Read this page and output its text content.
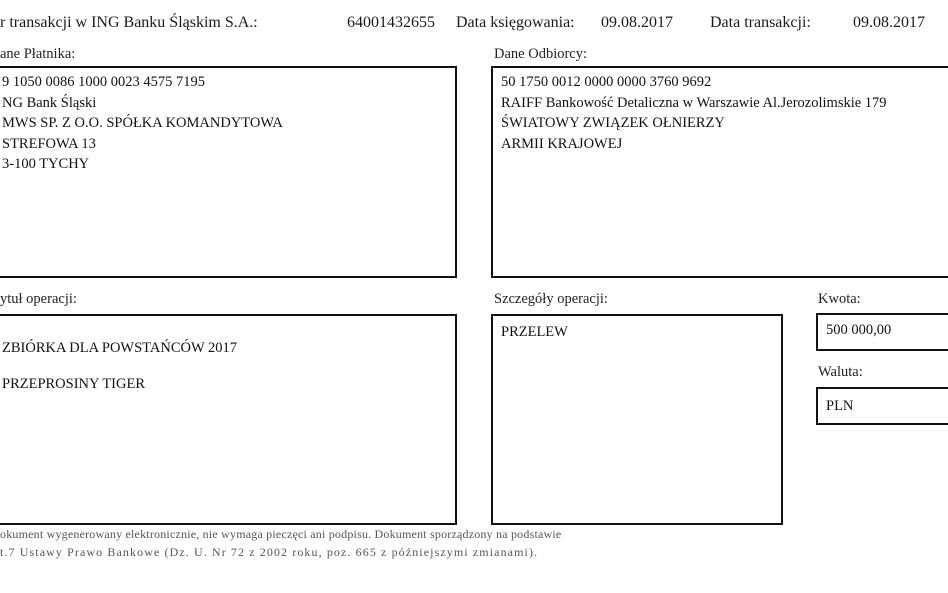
r transakcji w ING Banku Śląskim S.A.:	64001432655 Data księgowania: 09.08.2017 Data transakcji:	09.08.2017
ane Płatnika:
9 1050 0086 1000 0023 4575 7195
NG Bank Śląski
MWS SP. Z O.O. SPÓŁKA KOMANDYTOWA
STREFOWA 13
3-100 TYCHY
Dane Odbiorcy:
50 1750 0012 0000 0000 3760 9692
RAIFF Bankowość Detaliczna w Warszawie Al.Jerozolimskie 179
ŚWIATOWY ZWIĄZEK OŁNIERZY
ARMII KRAJOWEJ
ytuł operacji:
ZBIÓRKA DLA POWSTAŃCÓW 2017
PRZEPROSINY TIGER
Szczegóły operacji:
PRZELEW
Kwota:
500 000,00
Waluta:
PLN
okument wygenerowany elektronicznie, nie wymaga pieczęci ani podpisu. Dokument sporządzony na podstawie
t.7 Ustawy Prawo Bankowe (Dz. U. Nr 72 z 2002 roku, poz. 665 z późniejszymi zmianami).
